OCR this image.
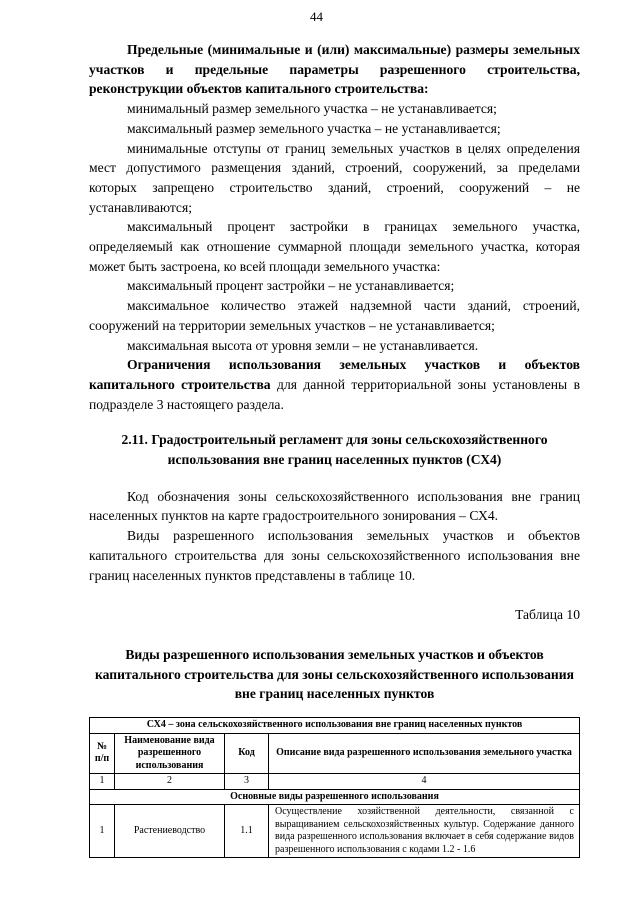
44

Предельные (минимальные и (или) максимальные) размеры земельных участков и предельные параметры разрешенного строительства, реконструкции объектов капитального строительства:

минимальный размер земельного участка – не устанавливается;

максимальный размер земельного участка – не устанавливается;

минимальные отступы от границ земельных участков в целях определения мест допустимого размещения зданий, строений, сооружений, за пределами которых запрещено строительство зданий, строений, сооружений – не устанавливаются;

максимальный процент застройки в границах земельного участка, определяемый как отношение суммарной площади земельного участка, которая может быть застроена, ко всей площади земельного участка:

максимальный процент застройки – не устанавливается;

максимальное количество этажей надземной части зданий, строений, сооружений на территории земельных участков – не устанавливается;

максимальная высота от уровня земли – не устанавливается.

Ограничения использования земельных участков и объектов капитального строительства для данной территориальной зоны установлены в подразделе 3 настоящего раздела.

2.11. Градостроительный регламент для зоны сельскохозяйственного использования вне границ населенных пунктов (СХ4)

Код обозначения зоны сельскохозяйственного использования вне границ населенных пунктов на карте градостроительного зонирования – СХ4.

Виды разрешенного использования земельных участков и объектов капитального строительства для зоны сельскохозяйственного использования вне границ населенных пунктов представлены в таблице 10.

Таблица 10

Виды разрешенного использования земельных участков и объектов капитального строительства для зоны сельскохозяйственного использования вне границ населенных пунктов

СХ4 – зона сельскохозяйственного использования вне границ населенных пунктов			
№ п/п	Наименование вида разрешенного использования	Код	Описание вида разрешенного использования земельного участка
1	2	3	4
Основные виды разрешенного использования			
1	Растениеводство	1.1	Осуществление хозяйственной деятельности, связанной с выращиванием сельскохозяйственных культур. Содержание данного вида разрешенного использования включает в себя содержание видов разрешенного использования с кодами 1.2 - 1.6
